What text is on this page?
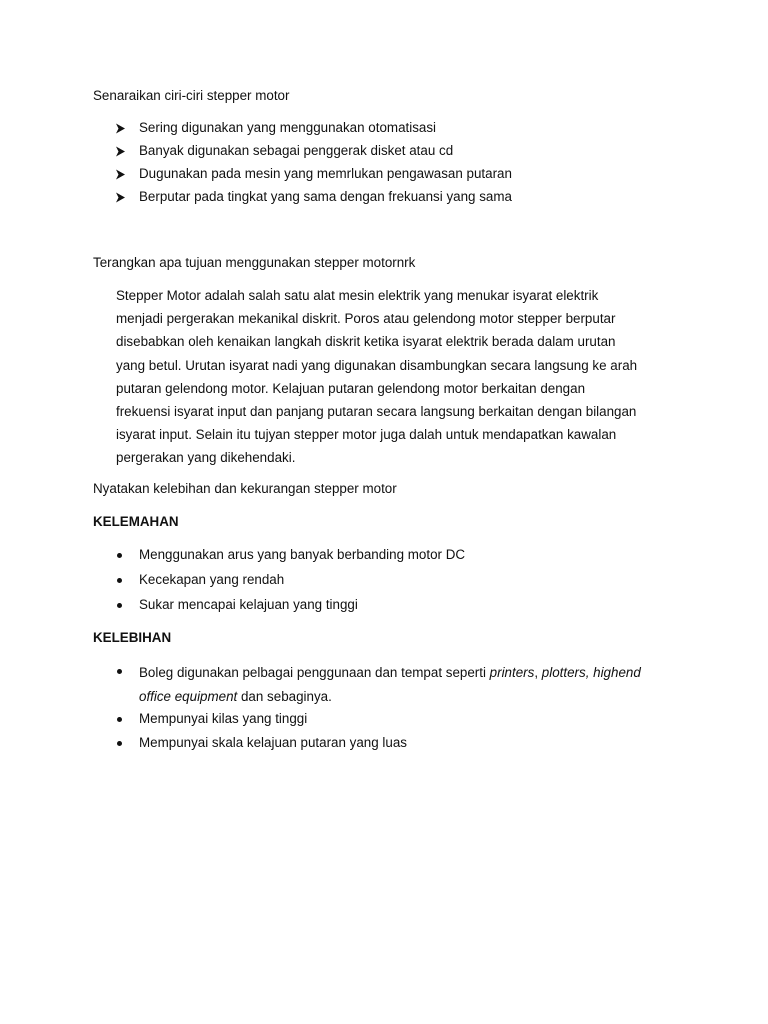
Senaraikan ciri-ciri stepper motor
Sering digunakan yang menggunakan otomatisasi
Banyak digunakan sebagai penggerak disket atau cd
Dugunakan pada mesin yang memrlukan pengawasan putaran
Berputar pada tingkat yang sama dengan frekuansi yang sama
Terangkan apa tujuan menggunakan stepper motornrk
Stepper Motor adalah salah satu alat mesin elektrik yang menukar isyarat elektrik
menjadi pergerakan mekanikal diskrit. Poros atau gelendong motor stepper berputar
disebabkan oleh kenaikan langkah diskrit ketika isyarat elektrik berada dalam urutan
yang betul. Urutan isyarat nadi yang digunakan disambungkan secara langsung ke arah
putaran gelendong motor. Kelajuan putaran gelendong motor berkaitan dengan
frekuensi isyarat input dan panjang putaran secara langsung berkaitan dengan bilangan
isyarat input. Selain itu tujyan stepper motor juga dalah untuk mendapatkan kawalan
pergerakan yang dikehendaki.
Nyatakan kelebihan dan kekurangan stepper motor
KELEMAHAN
Menggunakan arus yang banyak berbanding motor DC
Kecekapan yang rendah
Sukar mencapai kelajuan yang tinggi
KELEBIHAN
Boleg digunakan pelbagai penggunaan dan tempat seperti printers, plotters, highend
office equipment dan sebaginya.
Mempunyai kilas yang tinggi
Mempunyai skala kelajuan putaran yang luas
